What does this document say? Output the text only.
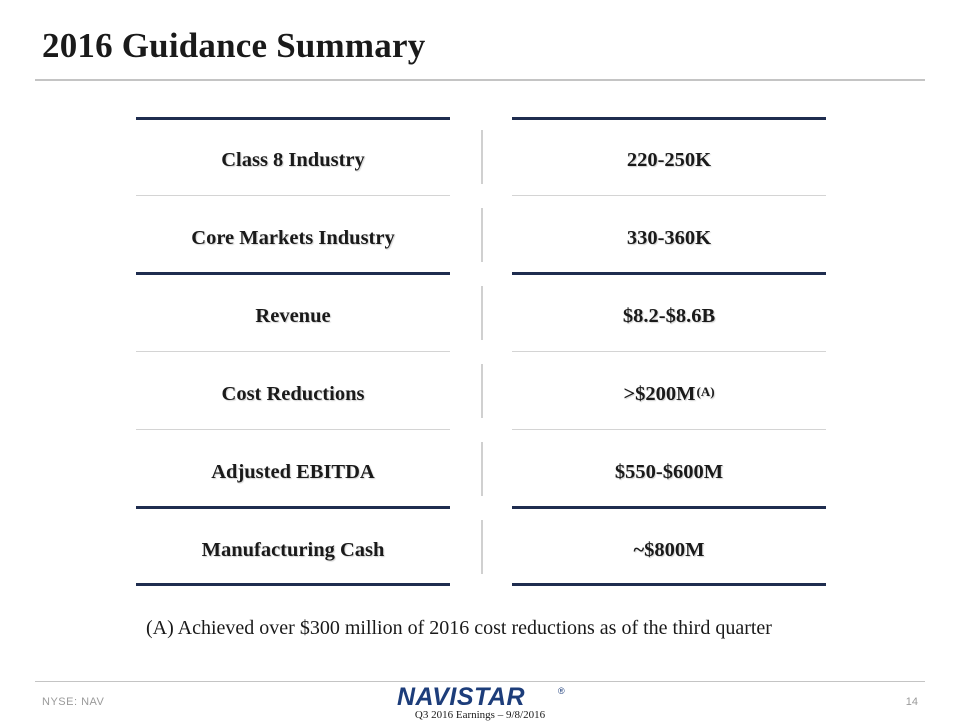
2016 Guidance Summary
Class 8 Industry
Core Markets Industry
Revenue
Cost Reductions
Adjusted EBITDA
Manufacturing Cash
220-250K
330-360K
$8.2-$8.6B
>$200M$^{(A)}$
$550-$600M
~$800M
(A) Achieved over $300 million of 2016 cost reductions as of the third quarter
NYSE: NAV	14
NAVISTAR	®
Q3 2016 Earnings – 9/8/2016
